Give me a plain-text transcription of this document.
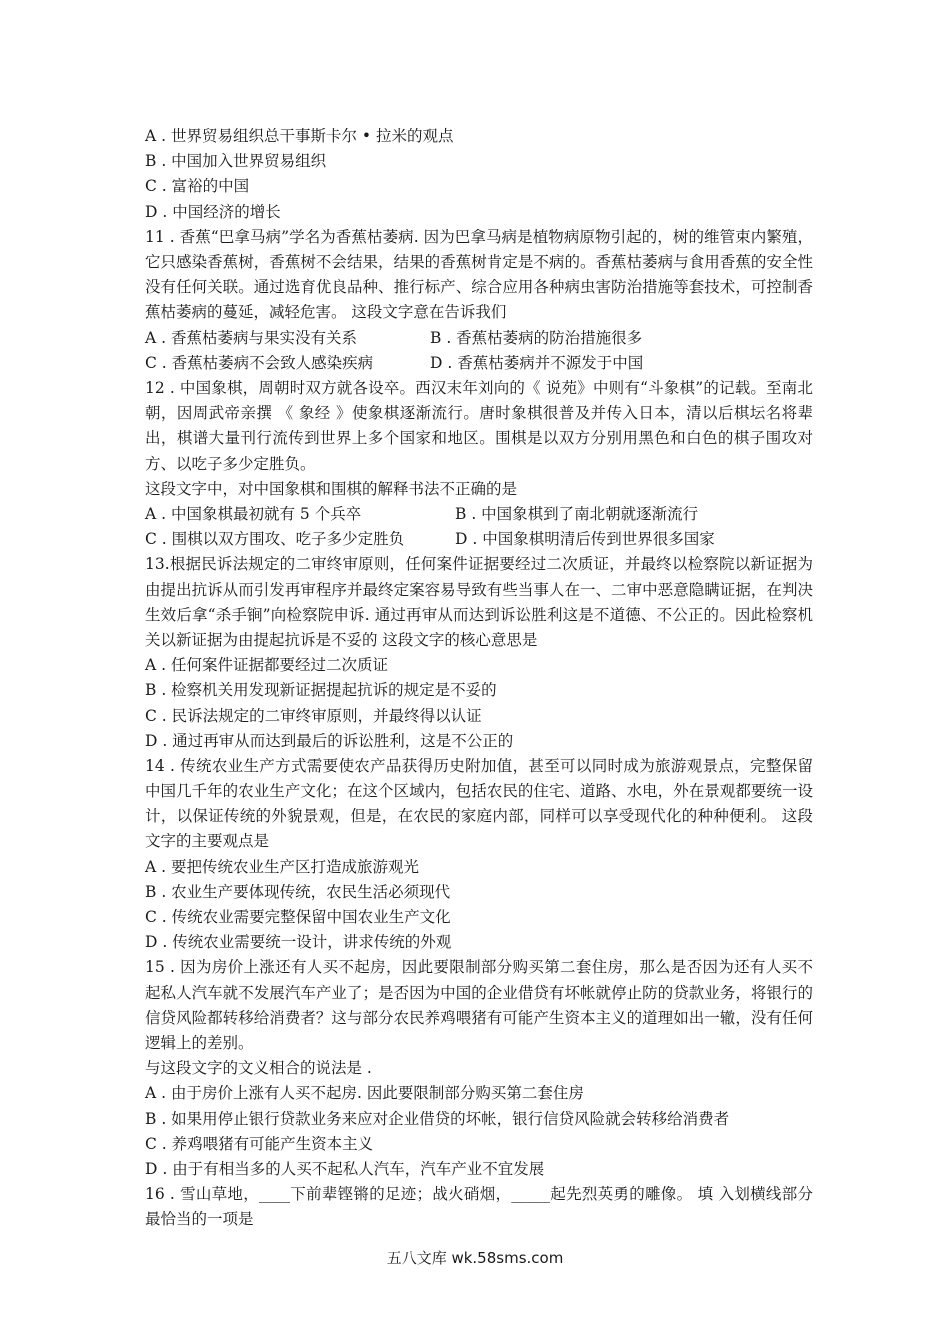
A . 世界贸易组织总干事斯卡尔 • 拉米的观点
B . 中国加入世界贸易组织
C . 富裕的中国
D . 中国经济的增长
11 . 香蕉“巴拿马病”学名为香蕉枯萎病. 因为巴拿马病是植物病原物引起的，树的维管束内繁殖，它只感染香蕉树，香蕉树不会结果，结果的香蕉树肯定是不病的。香蕉枯萎病与食用香蕉的安全性没有任何关联。通过选育优良品种、推行标产、综合应用各种病虫害防治措施等套技术，可控制香蕉枯萎病的蔓延，减轻危害。 这段文字意在告诉我们
A . 香蕉枯萎病与果实没有关系	B . 香蕉枯萎病的防治措施很多
C . 香蕉枯萎病不会致人感染疾病	D . 香蕉枯萎病并不源发于中国
12 . 中国象棋，周朝时双方就各设卒。西汉末年刘向的《 说苑》中则有“斗象棋”的记载。至南北朝，因周武帝亲撰 《 象经 》使象棋逐渐流行。唐时象棋很普及并传入日本，清以后棋坛名将辈出，棋谱大量刊行流传到世界上多个国家和地区。围棋是以双方分别用黑色和白色的棋子围攻对方、以吃子多少定胜负。
这段文字中，对中国象棋和围棋的解释书法不正确的是
A . 中国象棋最初就有 5 个兵卒	B . 中国象棋到了南北朝就逐渐流行
C . 围棋以双方围攻、吃子多少定胜负	D . 中国象棋明清后传到世界很多国家
13.根据民诉法规定的二审终审原则，任何案件证据要经过二次质证，并最终以检察院以新证据为由提出抗诉从而引发再审程序并最终定案容易导致有些当事人在一、二审中恶意隐瞒证据，在判决生效后拿“杀手锏”向检察院申诉. 通过再审从而达到诉讼胜利这是不道德、不公正的。因此检察机关以新证据为由提起抗诉是不妥的 这段文字的核心意思是
A . 任何案件证据都要经过二次质证
B . 检察机关用发现新证据提起抗诉的规定是不妥的
C . 民诉法规定的二审终审原则，并最终得以认证
D . 通过再审从而达到最后的诉讼胜利，这是不公正的
14 . 传统农业生产方式需要使农产品获得历史附加值，甚至可以同时成为旅游观景点，完整保留中国几千年的农业生产文化；在这个区域内，包括农民的住宅、道路、水电，外在景观都要统一设计，以保证传统的外貌景观，但是，在农民的家庭内部，同样可以享受现代化的种种便利。 这段文字的主要观点是
A . 要把传统农业生产区打造成旅游观光
B . 农业生产要体现传统，农民生活必须现代
C . 传统农业需要完整保留中国农业生产文化
D . 传统农业需要统一设计，讲求传统的外观
15 . 因为房价上涨还有人买不起房，因此要限制部分购买第二套住房，那么是否因为还有人买不起私人汽车就不发展汽车产业了；是否因为中国的企业借贷有坏帐就停止防的贷款业务，将银行的信贷风险都转移给消费者？这与部分农民养鸡喂猪有可能产生资本主义的道理如出一辙，没有任何逻辑上的差别。
与这段文字的文义相合的说法是 .
A . 由于房价上涨有人买不起房. 因此要限制部分购买第二套住房
B . 如果用停止银行贷款业务来应对企业借贷的坏帐，银行信贷风险就会转移给消费者
C . 养鸡喂猪有可能产生资本主义
D . 由于有相当多的人买不起私人汽车，汽车产业不宜发展
16 . 雪山草地，____下前辈铿锵的足迹；战火硝烟，_____起先烈英勇的雕像。 填 入划横线部分最恰当的一项是
五八文库 wk.58sms.com
